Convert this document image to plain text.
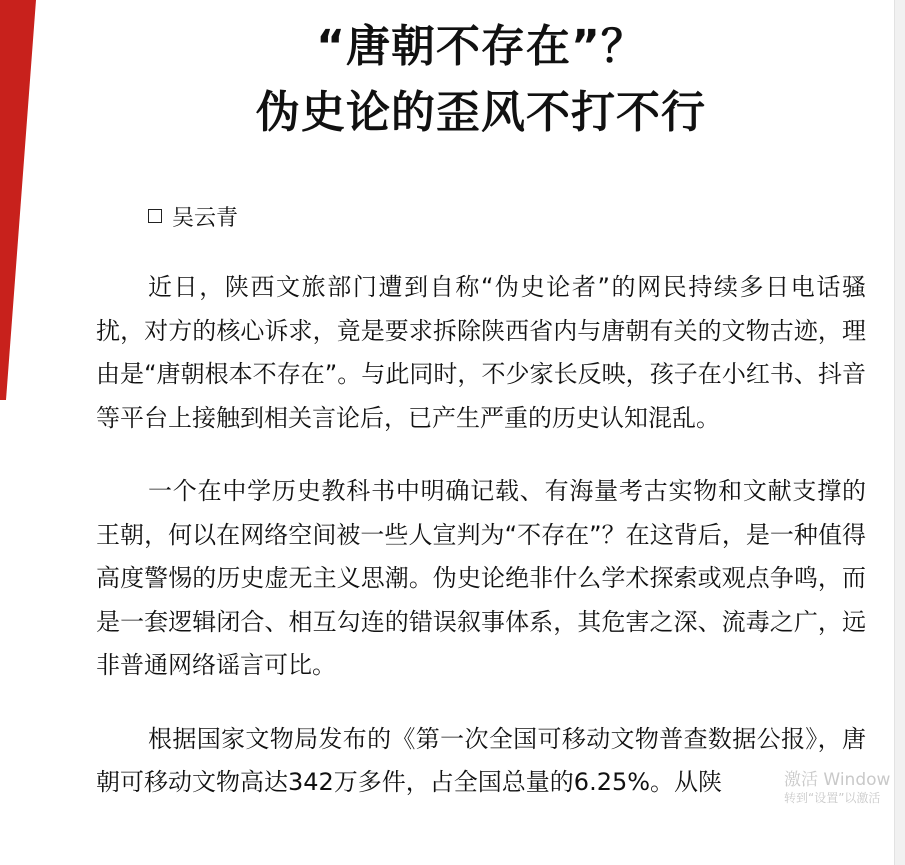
“唐朝不存在”？
伪史论的歪风不打不行
吴云青

近日，陕西文旅部门遭到自称“伪史论者”的网民持续多日电话骚扰，对方的核心诉求，竟是要求拆除陕西省内与唐朝有关的文物古迹，理由是“唐朝根本不存在”。与此同时，不少家长反映，孩子在小红书、抖音等平台上接触到相关言论后，已产生严重的历史认知混乱。

一个在中学历史教科书中明确记载、有海量考古实物和文献支撑的王朝，何以在网络空间被一些人宣判为“不存在”？在这背后，是一种值得高度警惕的历史虚无主义思潮。伪史论绝非什么学术探索或观点争鸣，而是一套逻辑闭合、相互勾连的错误叙事体系，其危害之深、流毒之广，远非普通网络谣言可比。

根据国家文物局发布的《第一次全国可移动文物普查数据公报》，唐朝可移动文物高达342万多件，占全国总量的6.25%。从陕	激活 Window
转到“设置”以激活
